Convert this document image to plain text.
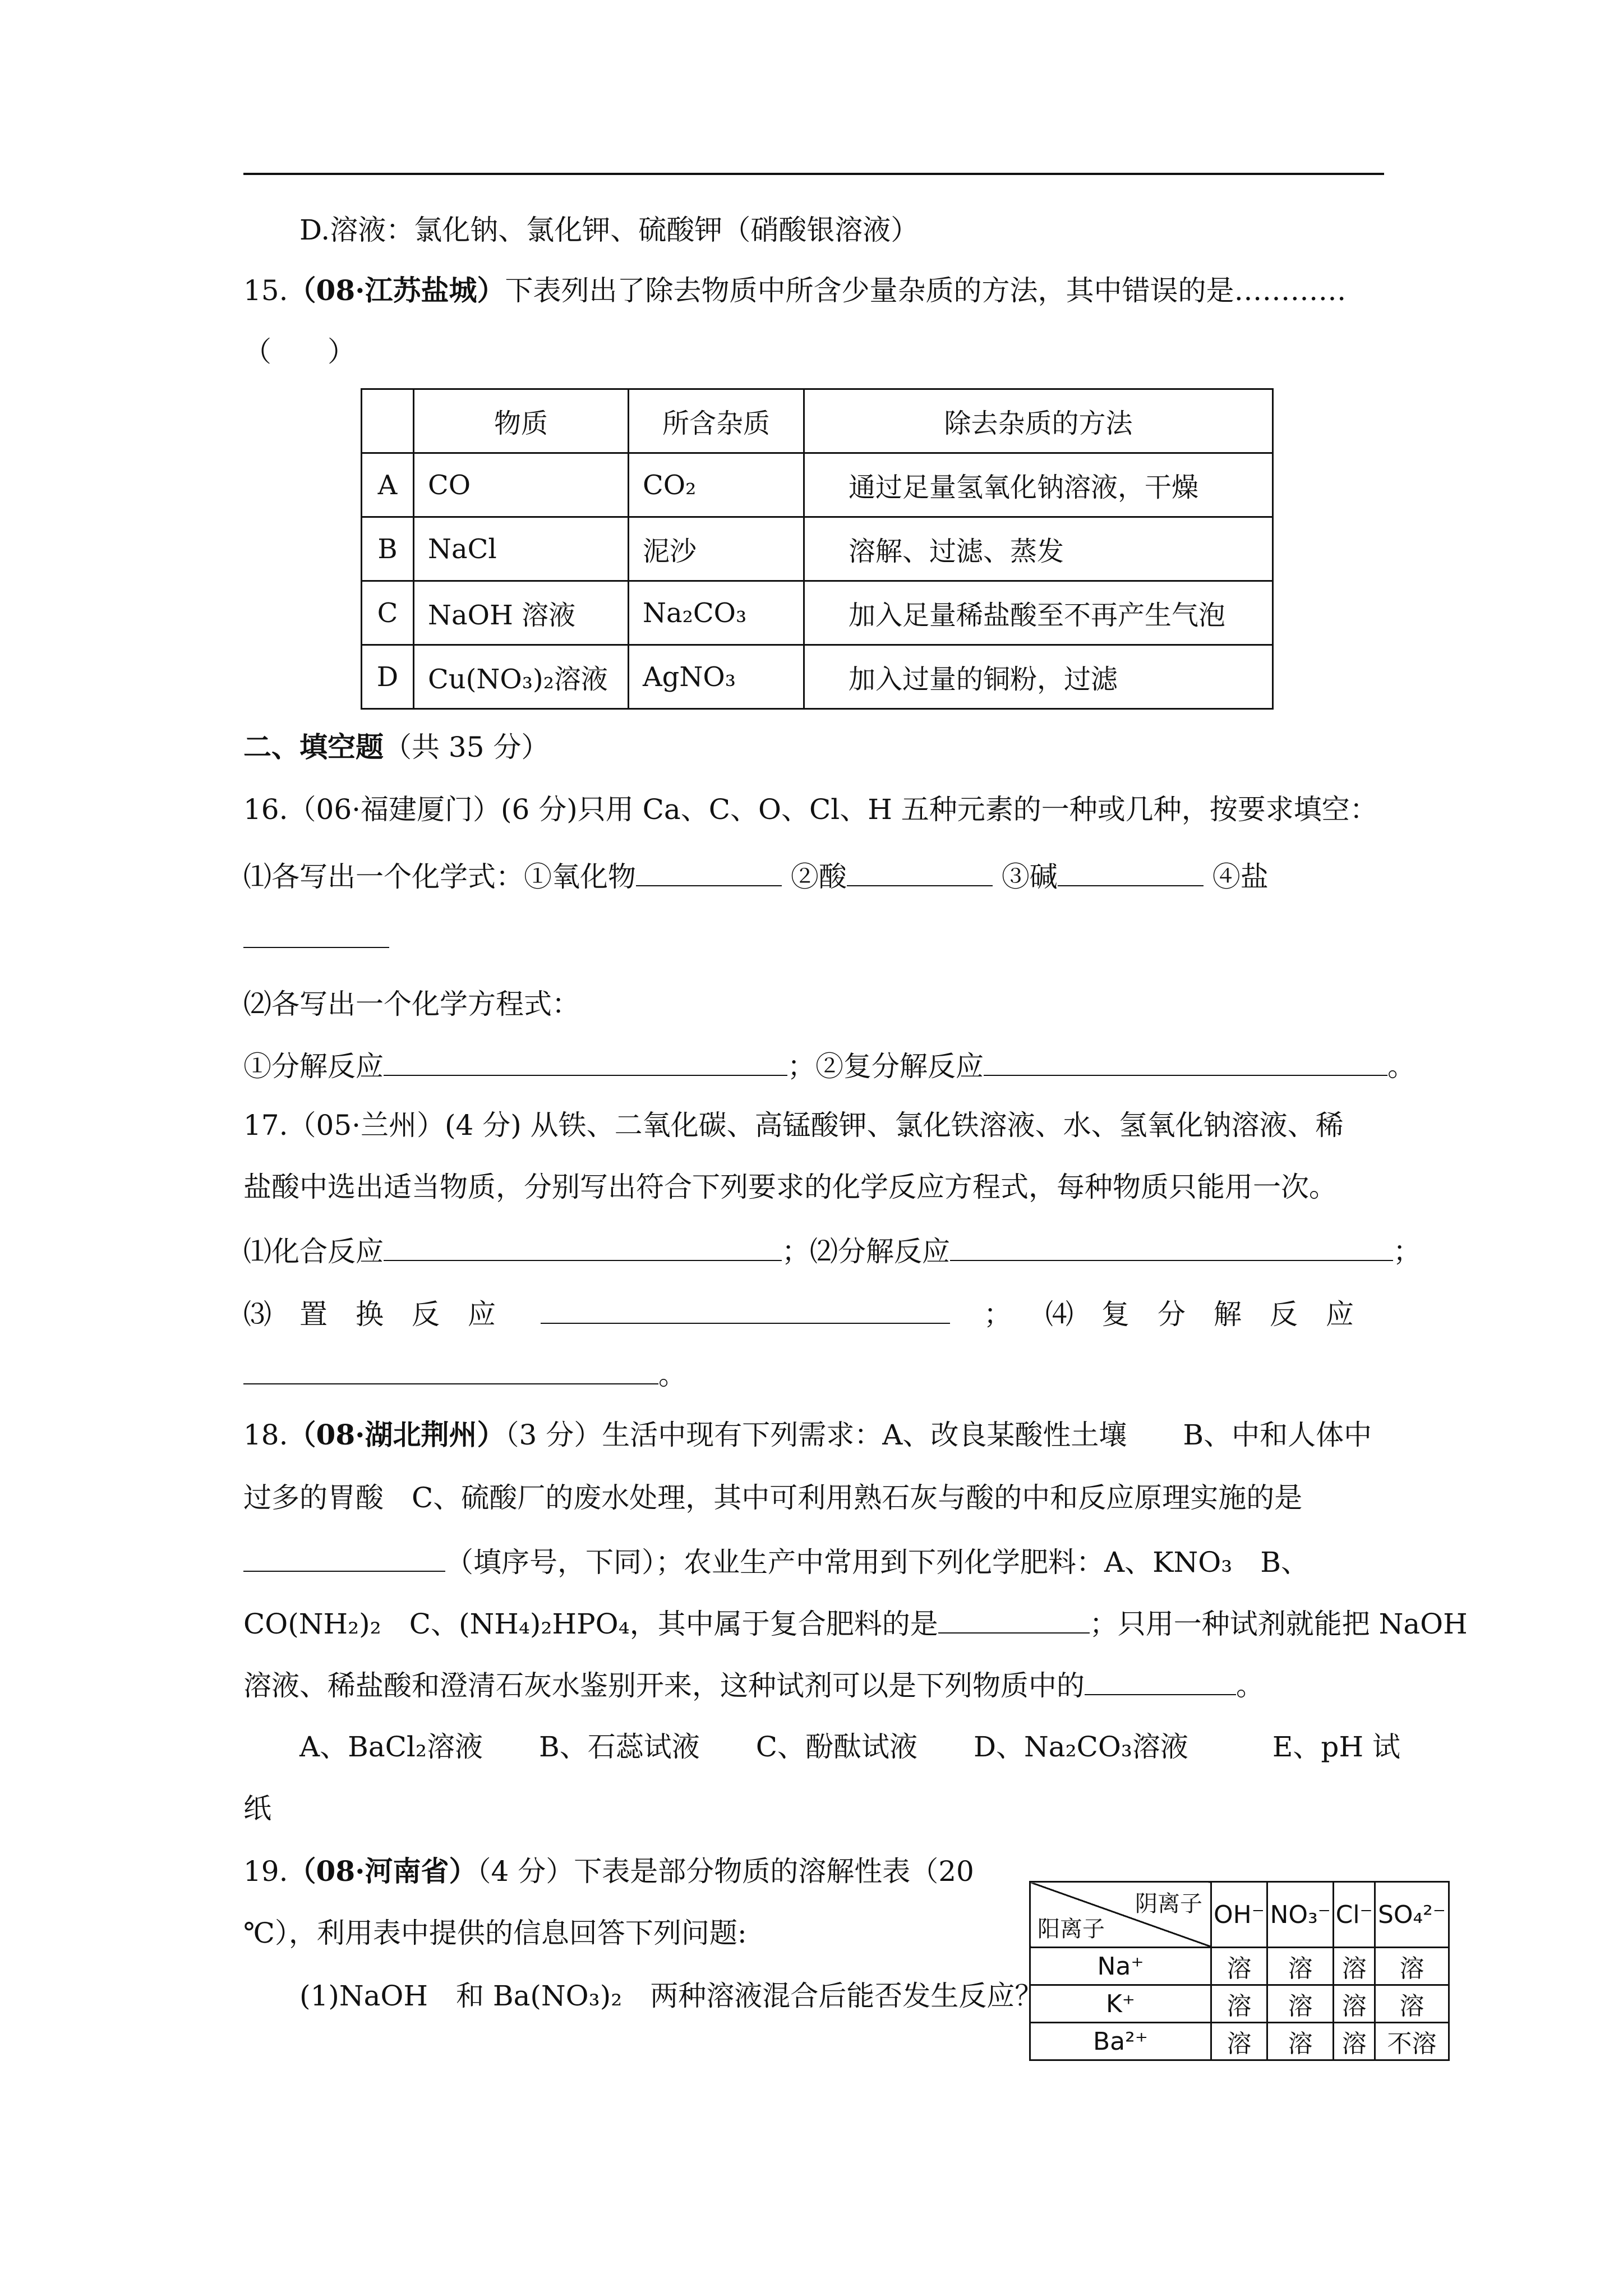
D.溶液：氯化钠、氯化钾、硫酸钾（硝酸银溶液）
15.（08·江苏盐城）下表列出了除去物质中所含少量杂质的方法，其中错误的是…………
（　　）
	物质	所含杂质	除去杂质的方法
A	CO	CO₂	通过足量氢氧化钠溶液，干燥
B	NaCl	泥沙	溶解、过滤、蒸发
C	NaOH 溶液	Na₂CO₃	加入足量稀盐酸至不再产生气泡
D	Cu(NO₃)₂溶液	AgNO₃	加入过量的铜粉，过滤
二、填空题（共 35 分）
16.（06·福建厦门）(6 分)只用 Ca、C、O、Cl、H 五种元素的一种或几种，按要求填空：
⑴各写出一个化学式：①氧化物	②酸	③碱	④盐
⑵各写出一个化学方程式：
①分解反应	；②复分解反应	。
17.（05·兰州）(4 分) 从铁、二氧化碳、高锰酸钾、氯化铁溶液、水、氢氧化钠溶液、稀
盐酸中选出适当物质，分别写出符合下列要求的化学反应方程式，每种物质只能用一次。
⑴化合反应	；⑵分解反应	；
⑶　置　换　反　应	； ⑷　复　分　解　反　应
。
18.（08·湖北荆州）（3 分）生活中现有下列需求：A、改良某酸性土壤　　B、中和人体中
过多的胃酸　C、硫酸厂的废水处理，其中可利用熟石灰与酸的中和反应原理实施的是
（填序号，下同）；农业生产中常用到下列化学肥料：A、KNO₃　B、
CO(NH₂)₂　C、(NH₄)₂HPO₄，其中属于复合肥料的是	；只用一种试剂就能把 NaOH
溶液、稀盐酸和澄清石灰水鉴别开来，这种试剂可以是下列物质中的	。
A、BaCl₂溶液　　B、石蕊试液　　C、酚酞试液　　D、Na₂CO₃溶液　　　E、pH 试
纸
19.（08·河南省）（4 分）下表是部分物质的溶解性表（20
℃），利用表中提供的信息回答下列问题:
(1)NaOH　和 Ba(NO₃)₂　两种溶液混合后能否发生反应？
阴离子
阳离子	OH⁻	NO₃⁻	Cl⁻	SO₄²⁻
Na⁺	溶	溶	溶	溶
K⁺	溶	溶	溶	溶
Ba²⁺	溶	溶	溶	不溶
